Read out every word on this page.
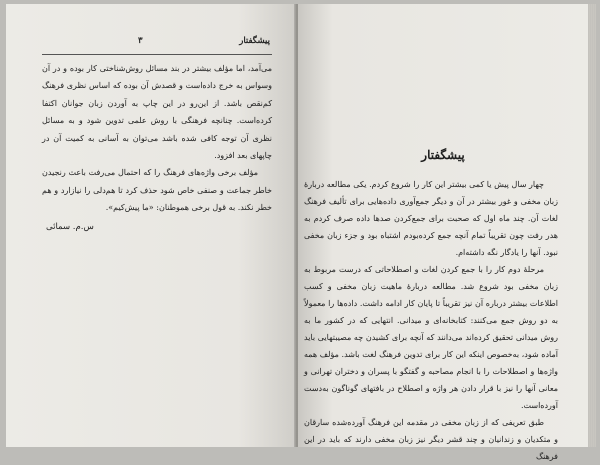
۳	پیشگفتار

می‌آمد، اما مؤلف بیشتر در بند مسائل روش‌شناختی کار بوده و در آن وسواس به خرج داده‌است و قصدش آن بوده که اساس نظری فرهنگ کم‌نقص باشد. از این‌رو در این چاپ به آوردن زبان جوانان اکتفا کرده‌است. چنانچه فرهنگی با روش علمی تدوین شود و به مسائل نظری آن توجه کافی شده باشد می‌توان به آسانی به کمیت آن در چاپهای بعد افزود.

مؤلف برخی واژه‌های فرهنگ را که احتمال می‌رفت باعث رنجیدن خاطر جماعت و صنفی خاص شود حذف کرد تا هم‌دلی را نیازارد و هم خطر نکند. به قول برخی هموطنان: «ما پیش‌کیم».

س.م. سمائی
پیشگفتار

چهار سال پیش یا کمی بیشتر این کار را شروع کردم. یکی مطالعه دربارهٔ زبان مخفی و غور بیشتر در آن و دیگر جمع‌آوری داده‌هایی برای تألیف فرهنگ لغات آن. چند ماه اول که صحبت برای جمع‌کردن صدها داده صرف کردم به هدر رفت چون تقریباً تمام آنچه جمع کرده‌بودم اشتباه بود و جزء زبان مخفی نبود. آنها را یادگار نگه داشته‌ام.

مرحلهٔ دوم کار را با جمع کردن لغات و اصطلاحاتی که درست مربوط به زبان مخفی بود شروع شد. مطالعه دربارهٔ ماهیت زبان مخفی و کسب اطلاعات بیشتر درباره آن نیز تقریباً تا پایان کار ادامه داشت. داده‌ها را معمولاً به دو روش جمع می‌کنند: کتابخانه‌ای و میدانی. انتهایی که در کشور ما به روش میدانی تحقیق کرده‌اند می‌دانند که آنچه برای کشیدن چه مصیبتهایی باید آماده شود، به‌خصوص اینکه این کار برای تدوین فرهنگ لغت باشد. مؤلف همه واژه‌ها و اصطلاحات را با انجام مصاحبه و گفتگو با پسران و دختران تهرانی و معانی آنها را نیز با قرار دادن هر واژه و اصطلاح در بافتهای گوناگون به‌دست آورده‌است.

طبق تعریفی که از زبان مخفی در مقدمه این فرهنگ آورده‌شده سارقان و متکدیان و زندانیان و چند قشر دیگر نیز زبان مخفی دارند که باید در این فرهنگ
